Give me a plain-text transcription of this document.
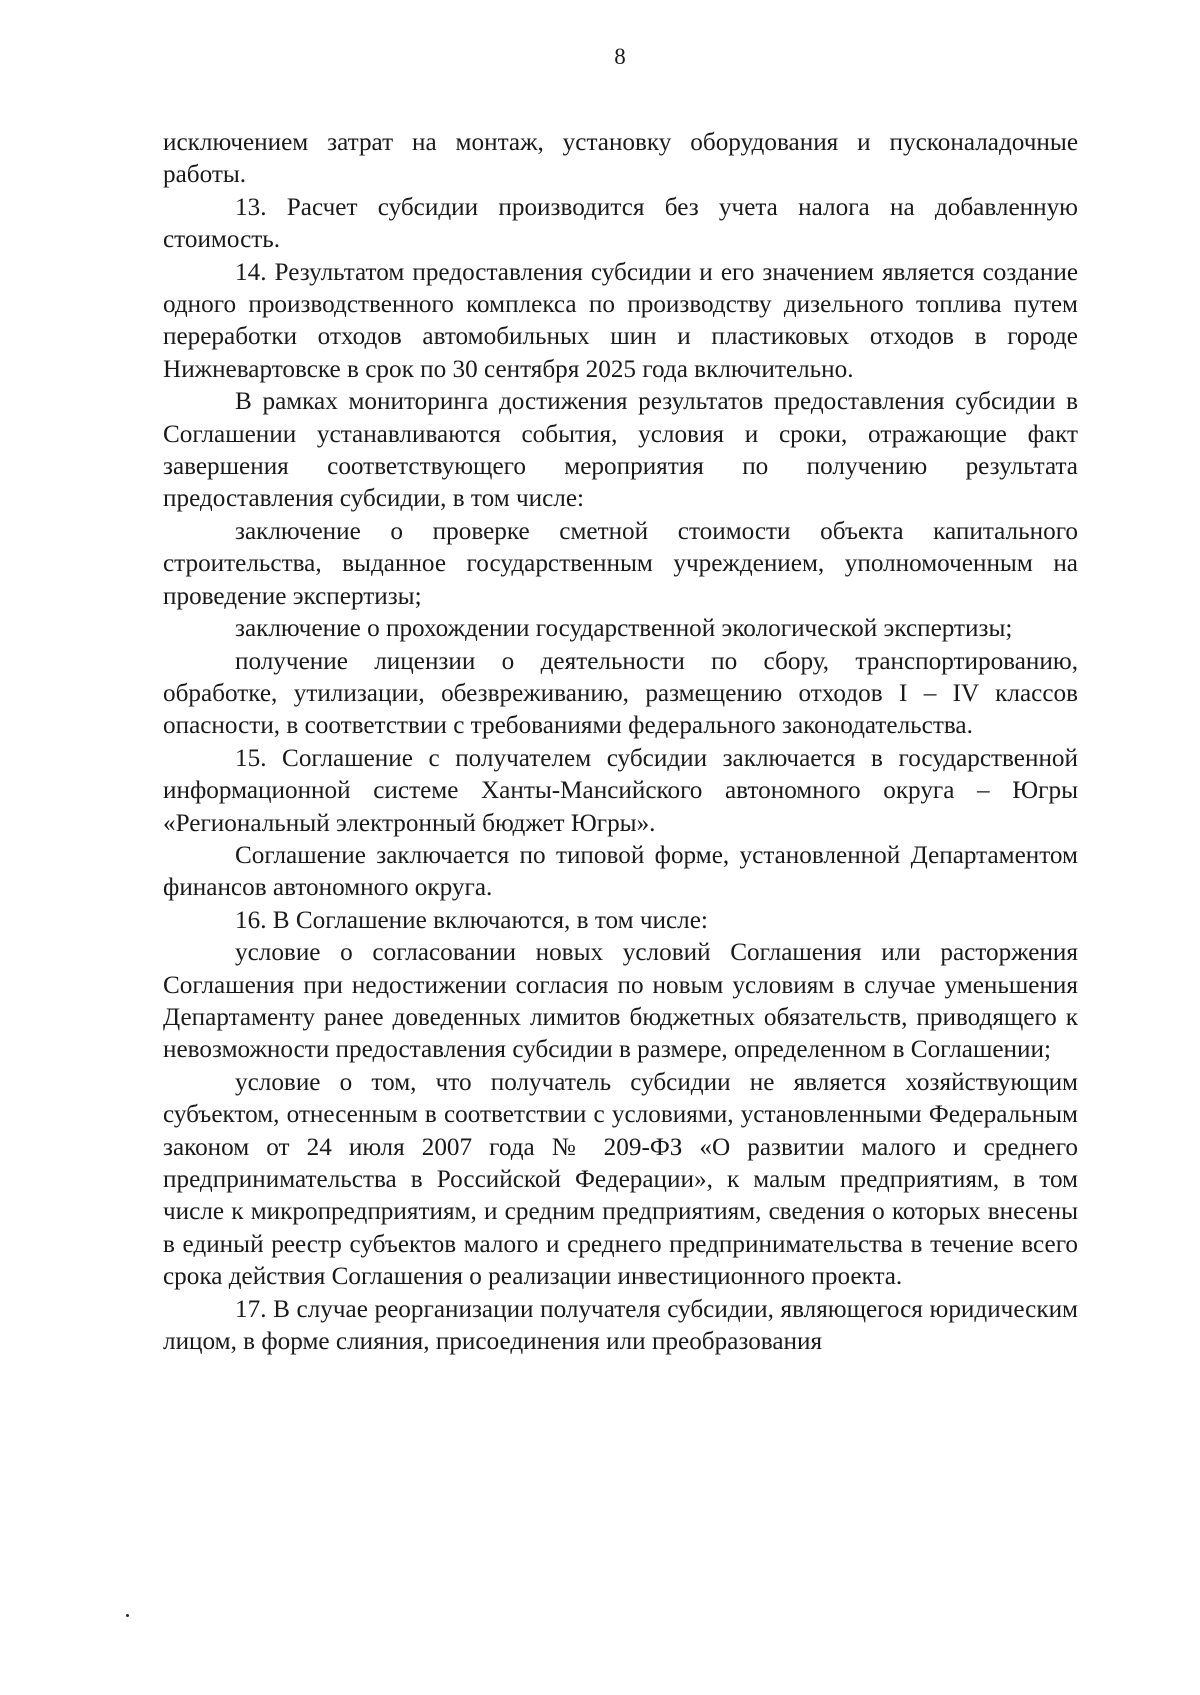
8

исключением затрат на монтаж, установку оборудования и пусконаладочные работы.

13. Расчет субсидии производится без учета налога на добавленную стоимость.

14. Результатом предоставления субсидии и его значением является создание одного производственного комплекса по производству дизельного топлива путем переработки отходов автомобильных шин и пластиковых отходов в городе Нижневартовске в срок по 30 сентября 2025 года включительно.

В рамках мониторинга достижения результатов предоставления субсидии в Соглашении устанавливаются события, условия и сроки, отражающие факт завершения соответствующего мероприятия по получению результата предоставления субсидии, в том числе:

заключение о проверке сметной стоимости объекта капитального строительства, выданное государственным учреждением, уполномоченным на проведение экспертизы;

заключение о прохождении государственной экологической экспертизы;

получение лицензии о деятельности по сбору, транспортированию, обработке, утилизации, обезвреживанию, размещению отходов I – IV классов опасности, в соответствии с требованиями федерального законодательства.

15. Соглашение с получателем субсидии заключается в государственной информационной системе Ханты-Мансийского автономного округа – Югры «Региональный электронный бюджет Югры».

Соглашение заключается по типовой форме, установленной Департаментом финансов автономного округа.

16. В Соглашение включаются, в том числе:

условие о согласовании новых условий Соглашения или расторжения Соглашения при недостижении согласия по новым условиям в случае уменьшения Департаменту ранее доведенных лимитов бюджетных обязательств, приводящего к невозможности предоставления субсидии в размере, определенном в Соглашении;

условие о том, что получатель субсидии не является хозяйствующим субъектом, отнесенным в соответствии с условиями, установленными Федеральным законом от 24 июля 2007 года № 209-ФЗ «О развитии малого и среднего предпринимательства в Российской Федерации», к малым предприятиям, в том числе к микропредприятиям, и средним предприятиям, сведения о которых внесены в единый реестр субъектов малого и среднего предпринимательства в течение всего срока действия Соглашения о реализации инвестиционного проекта.

17. В случае реорганизации получателя субсидии, являющегося юридическим лицом, в форме слияния, присоединения или преобразования
